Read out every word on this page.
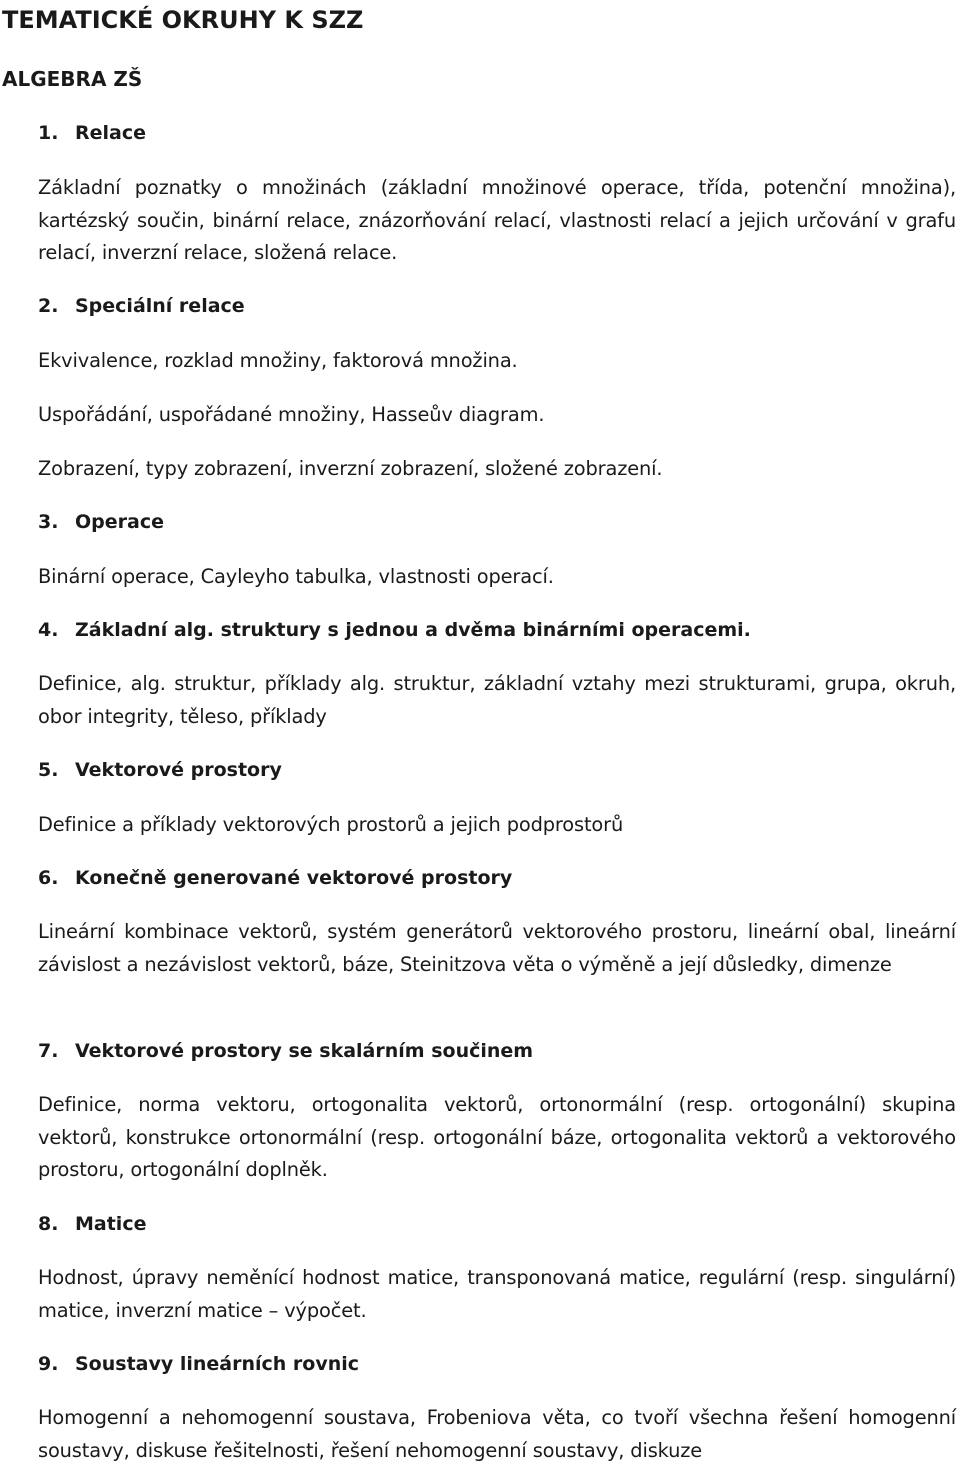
TEMATICKÉ OKRUHY K SZZ
ALGEBRA ZŠ
1. Relace

Základní poznatky o množinách (základní množinové operace, třída, potenční množina), kartézský součin, binární relace, znázorňování relací, vlastnosti relací a jejich určování v grafu relací, inverzní relace, složená relace.

2. Speciální relace

Ekvivalence, rozklad množiny, faktorová množina.

Uspořádání, uspořádané množiny, Hasseův diagram.

Zobrazení, typy zobrazení, inverzní zobrazení, složené zobrazení.

3. Operace

Binární operace, Cayleyho tabulka, vlastnosti operací.

4. Základní alg. struktury s jednou a dvěma binárními operacemi.

Definice, alg. struktur, příklady alg. struktur, základní vztahy mezi strukturami, grupa, okruh, obor integrity, těleso, příklady

5. Vektorové prostory

Definice a příklady vektorových prostorů a jejich podprostorů

6. Konečně generované vektorové prostory

Lineární kombinace vektorů, systém generátorů vektorového prostoru, lineární obal, lineární závislost a nezávislost vektorů, báze, Steinitzova věta o výměně a její důsledky, dimenze

7. Vektorové prostory se skalárním součinem

Definice, norma vektoru, ortogonalita vektorů, ortonormální (resp. ortogonální) skupina vektorů, konstrukce ortonormální (resp. ortogonální báze, ortogonalita vektorů a vektorového prostoru, ortogonální doplněk.

8. Matice

Hodnost, úpravy neměnící hodnost matice, transponovaná matice, regulární (resp. singulární) matice, inverzní matice – výpočet.

9. Soustavy lineárních rovnic

Homogenní a nehomogenní soustava, Frobeniova věta, co tvoří všechna řešení homogenní soustavy, diskuse řešitelnosti, řešení nehomogenní soustavy, diskuze
